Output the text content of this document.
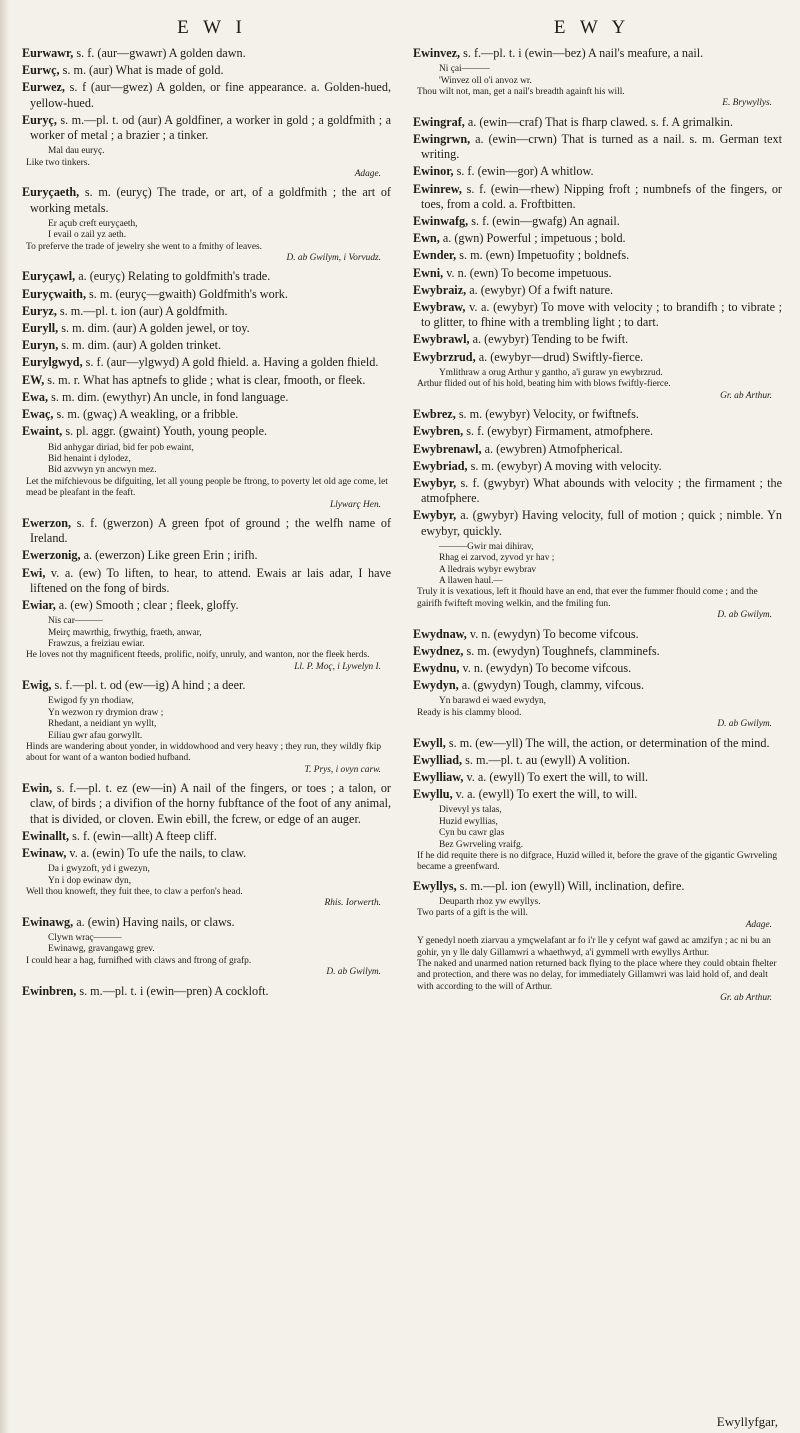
E W I	E W Y
Eurwawr, s. f. (aur—gwawr) A golden dawn.
Eurwç, s. m. (aur) What is made of gold.
Eurwez, s. f (aur—gwez) A golden, or fine appearance. a. Golden-hued, yellow-hued.
Euryç, s. m.—pl. t. od (aur) A goldfiner, a worker in gold ; a goldfmith ; a worker of metal ; a brazier ; a tinker.
Mal dau euryç.
Like two tinkers.
Adage.
Euryçaeth, s. m. (euryç) The trade, or art, of a goldfmith ; the art of working metals.
Er açub creft euryçaeth,
I evail o zail yz aeth.
To preferve the trade of jewelry she went to a fmithy of leaves.
D. ab Gwilym, i Vorvudz.
Euryçawl, a. (euryç) Relating to goldfmith's trade.
Euryçwaith, s. m. (euryç—gwaith) Goldfmith's work.
Euryz, s. m.—pl. t. ion (aur) A goldfmith.
Euryll, s. m. dim. (aur) A golden jewel, or toy.
Euryn, s. m. dim. (aur) A golden trinket.
Eurylgwyd, s. f. (aur—ylgwyd) A gold fhield. a. Having a golden fhield.
EW, s. m. r. What has aptnefs to glide ; what is clear, fmooth, or fleek.
Ewa, s. m. dim. (ewythyr) An uncle, in fond language.
Ewaç, s. m. (gwaç) A weakling, or a fribble.
Ewaint, s. pl. aggr. (gwaint) Youth, young people.
Bid anhygar diriad, bid fer pob ewaint,
Bid henaint i dylodez,
Bid azvwyn yn ancwyn mez.
Let the mifchievous be difguiting, let all young people be ftrong, to poverty let old age come, let mead be pleafant in the feaft.
Llywarç Hen.
Ewerzon, s. f. (gwerzon) A green fpot of ground ; the welfh name of Ireland.
Ewerzonig, a. (ewerzon) Like green Erin ; irifh.
Ewi, v. a. (ew) To liften, to hear, to attend. Ewais ar lais adar, I have liftened on the fong of birds.
Ewiar, a. (ew) Smooth ; clear ; fleek, gloffy.
Nis car———
Meirç mawrthig, frwythig, fraeth, anwar,
Frawzus, a freiziau ewiar.
He loves not thy magnificent fteeds, prolific, noify, unruly, and wanton, nor the fleek herds.
Ll. P. Moç, i Lywelyn I.
Ewig, s. f.—pl. t. od (ew—ig) A hind ; a deer.
Ewigod fy yn rhodiaw,
Yn wezwon ry drymion draw ;
Rhedant, a neidiant yn wyllt,
Eiliau gwr afau gorwyllt.
Hinds are wandering about yonder, in widdowhood and very heavy ; they run, they wildly fkip about for want of a wanton bodied hufband.
T. Prys, i ovyn carw.
Ewin, s. f.—pl. t. ez (ew—in) A nail of the fingers, or toes ; a talon, or claw, of birds ; a divifion of the horny fubftance of the foot of any animal, that is divided, or cloven. Ewin ebill, the fcrew, or edge of an auger.
Ewinallt, s. f. (ewin—allt) A fteep cliff.
Ewinaw, v. a. (ewin) To ufe the nails, to claw.
Da i gwyzoft, yd i gwezyn,
Yn i dop ewinaw dyn,
Well thou knoweft, they fuit thee, to claw a perfon's head.
Rhis. Iorwerth.
Ewinawg, a. (ewin) Having nails, or claws.
Clywn wraç———
Ewinawg, gravangawg grev.
I could hear a hag, furnifhed with claws and ftrong of grafp.
D. ab Gwilym.
Ewinbren, s. m.—pl. t. i (ewin—pren) A cockloft.
Ewinvez, s. f.—pl. t. i (ewin—bez) A nail's meafure, a nail.
Ni çai———
'Winvez oll o'i anvoz wr.
Thou wilt not, man, get a nail's breadth againft his will.
E. Brywyllys.
Ewingraf, a. (ewin—craf) That is fharp clawed. s. f. A grimalkin.
Ewingrwn, a. (ewin—crwn) That is turned as a nail. s. m. German text writing.
Ewinor, s. f. (ewin—gor) A whitlow.
Ewinrew, s. f. (ewin—rhew) Nipping froft ; numbnefs of the fingers, or toes, from a cold. a. Froftbitten.
Ewinwafg, s. f. (ewin—gwafg) An agnail.
Ewn, a. (gwn) Powerful ; impetuous ; bold.
Ewnder, s. m. (ewn) Impetuofity ; boldnefs.
Ewni, v. n. (ewn) To become impetuous.
Ewybraiz, a. (ewybyr) Of a fwift nature.
Ewybraw, v. a. (ewybyr) To move with velocity ; to brandifh ; to vibrate ; to glitter, to fhine with a trembling light ; to dart.
Ewybrawl, a. (ewybyr) Tending to be fwift.
Ewybrzrud, a. (ewybyr—drud) Swiftly-fierce.
Ymlithraw a orug Arthur y gantho, a'i guraw yn ewybrzrud.
Arthur flided out of his hold, beating him with blows fwiftly-fierce.
Gr. ab Arthur.
Ewbrez, s. m. (ewybyr) Velocity, or fwiftnefs.
Ewybren, s. f. (ewybyr) Firmament, atmofphere.
Ewybrenawl, a. (ewybren) Atmofpherical.
Ewybriad, s. m. (ewybyr) A moving with velocity.
Ewybyr, s. f. (gwybyr) What abounds with velocity ; the firmament ; the atmofphere.
Ewybyr, a. (gwybyr) Having velocity, full of motion ; quick ; nimble. Yn ewybyr, quickly.
———Gwir mai dihirav,
Rhag ei zarvod, zyvod yr hav ;
A lledrais wybyr ewybrav
A llawen haul.—
Truly it is vexatious, left it fhould have an end, that ever the fummer fhould come ; and the gairifh fwifteft moving welkin, and the fmiling fun.
D. ab Gwilym.
Ewydnaw, v. n. (ewydyn) To become vifcous.
Ewydnez, s. m. (ewydyn) Toughnefs, clamminefs.
Ewydnu, v. n. (ewydyn) To become vifcous.
Ewydyn, a. (gwydyn) Tough, clammy, vifcous.
Yn barawd ei waed ewydyn,
Ready is his clammy blood.
D. ab Gwilym.
Ewyll, s. m. (ew—yll) The will, the action, or determination of the mind.
Ewylliad, s. m.—pl. t. au (ewyll) A volition.
Ewylliaw, v. a. (ewyll) To exert the will, to will.
Ewyllu, v. a. (ewyll) To exert the will, to will.
Divevyl ys talas,
Huzid ewyllias,
Cyn bu cawr glas
Bez Gwrveling vraifg.
If he did requite there is no difgrace, Huzid willed it, before the grave of the gigantic Gwrveling became a greenfward.
Ewyllys, s. m.—pl. ion (ewyll) Will, inclination, defire.
Deuparth rhoz yw ewyllys.
Two parts of a gift is the will.
Adage.
Y genedyl noeth ziarvau a ymçwelafant ar fo i'r lle y cefynt waf gawd ac amzifyn ; ac ni bu an gohir, yn y lle daly Gillamwri a whaethwyd, a'i gymmell wrth ewyllys Arthur.
The naked and unarmed nation returned back flying to the place where they could obtain fhelter and protection, and there was no delay, for immediately Gillamwri was laid hold of, and dealt with according to the will of Arthur.
Gr. ab Arthur.
Ewyllyfgar,
